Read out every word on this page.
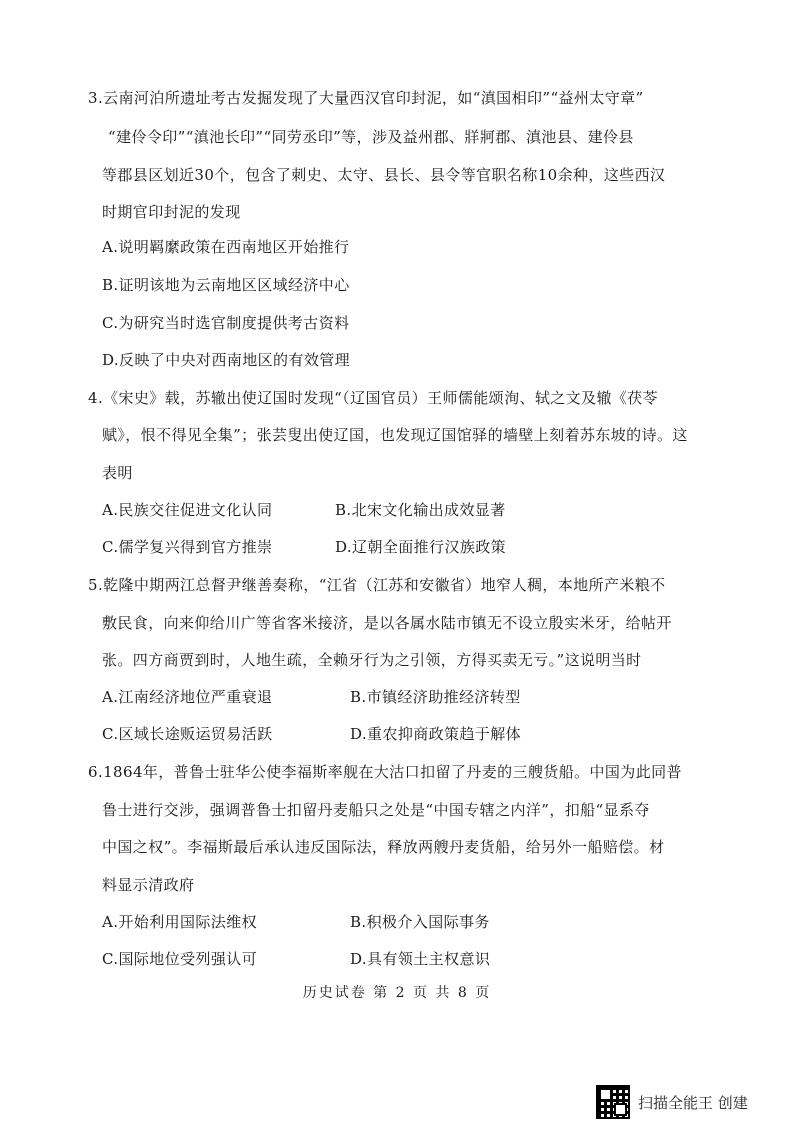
3.云南河泊所遗址考古发掘发现了大量西汉官印封泥，如“滇国相印”“益州太守章”
“建伶令印”“滇池长印”“同劳丞印”等，涉及益州郡、牂牁郡、滇池县、建伶县
等郡县区划近30个，包含了刺史、太守、县长、县令等官职名称10余种，这些西汉
时期官印封泥的发现
A.说明羁縻政策在西南地区开始推行
B.证明该地为云南地区区域经济中心
C.为研究当时选官制度提供考古资料
D.反映了中央对西南地区的有效管理
4.《宋史》载，苏辙出使辽国时发现“（辽国官员）王师儒能颂洵、轼之文及辙《茯苓
赋》，恨不得见全集”；张芸叟出使辽国，也发现辽国馆驿的墙壁上刻着苏东坡的诗。这
表明
A.民族交往促进文化认同	B.北宋文化输出成效显著
C.儒学复兴得到官方推崇	D.辽朝全面推行汉族政策
5.乾隆中期两江总督尹继善奏称，“江省（江苏和安徽省）地窄人稠，本地所产米粮不
敷民食，向来仰给川广等省客米接济，是以各属水陆市镇无不设立殷实米牙，给帖开
张。四方商贾到时，人地生疏，全赖牙行为之引领，方得买卖无亏。”这说明当时
A.江南经济地位严重衰退	B.市镇经济助推经济转型
C.区域长途贩运贸易活跃	D.重农抑商政策趋于解体
6.1864年，普鲁士驻华公使李福斯率舰在大沽口扣留了丹麦的三艘货船。中国为此同普
鲁士进行交涉，强调普鲁士扣留丹麦船只之处是“中国专辖之内洋”，扣船“显系夺
中国之权”。李福斯最后承认违反国际法，释放两艘丹麦货船，给另外一船赔偿。材
料显示清政府
A.开始利用国际法维权	B.积极介入国际事务
C.国际地位受列强认可	D.具有领土主权意识
历史试卷 第 2 页 共 8 页
扫描全能王 创建
